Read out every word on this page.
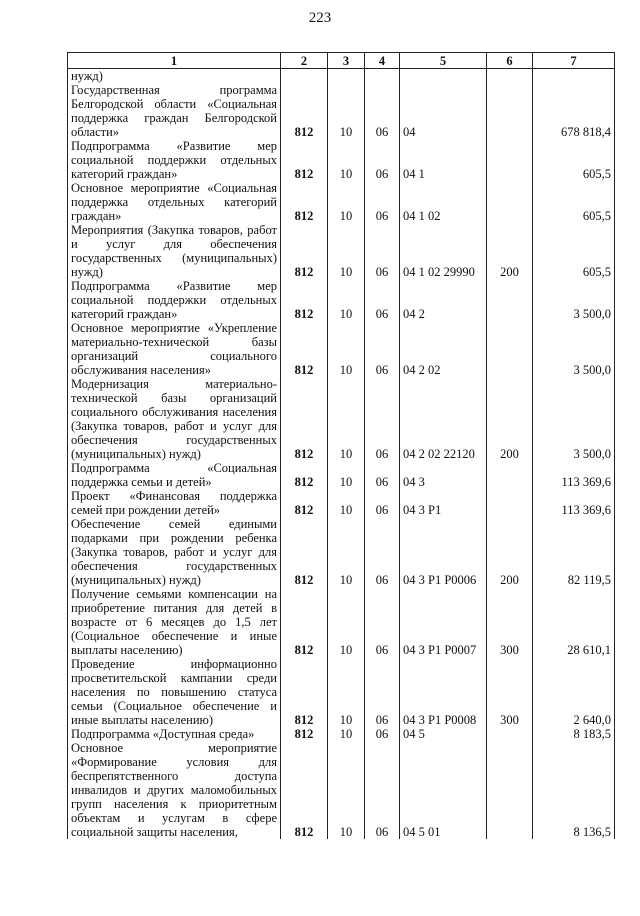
223
1	2	3	4	5	6	7
нужд)						
Государственная программа Белгородской области «Социальная поддержка граждан Белгородской области»	812	10	06	04		678 818,4
Подпрограмма «Развитие мер социальной поддержки отдельных категорий граждан»	812	10	06	04 1		605,5
Основное мероприятие «Социальная поддержка отдельных категорий граждан»	812	10	06	04 1 02		605,5
Мероприятия (Закупка товаров, работ и услуг для обеспечения государственных (муниципальных) нужд)	812	10	06	04 1 02 29990	200	605,5
Подпрограмма «Развитие мер социальной поддержки отдельных категорий граждан»	812	10	06	04 2		3 500,0
Основное мероприятие «Укрепление материально-технической базы организаций социального обслуживания населения»	812	10	06	04 2 02		3 500,0
Модернизация материально-технической базы организаций социального обслуживания населения (Закупка товаров, работ и услуг для обеспечения государственных (муниципальных) нужд)	812	10	06	04 2 02 22120	200	3 500,0
Подпрограмма «Социальная поддержка семьи и детей»	812	10	06	04 3		113 369,6
Проект «Финансовая поддержка семей при рождении детей»	812	10	06	04 3 P1		113 369,6
Обеспечение семей едиными подарками при рождении ребенка (Закупка товаров, работ и услуг для обеспечения государственных (муниципальных) нужд)	812	10	06	04 3 P1 P0006	200	82 119,5
Получение семьями компенсации на приобретение питания для детей в возрасте от 6 месяцев до 1,5 лет (Социальное обеспечение и иные выплаты населению)	812	10	06	04 3 P1 P0007	300	28 610,1
Проведение информационно просветительской кампании среди населения по повышению статуса семьи (Социальное обеспечение и иные выплаты населению)	812	10	06	04 3 P1 P0008	300	2 640,0
Подпрограмма «Доступная среда»	812	10	06	04 5		8 183,5
Основное мероприятие «Формирование условия для беспрепятственного доступа инвалидов и других маломобильных групп населения к приоритетным объектам и услугам в сфере социальной защиты населения,	812	10	06	04 5 01		8 136,5
